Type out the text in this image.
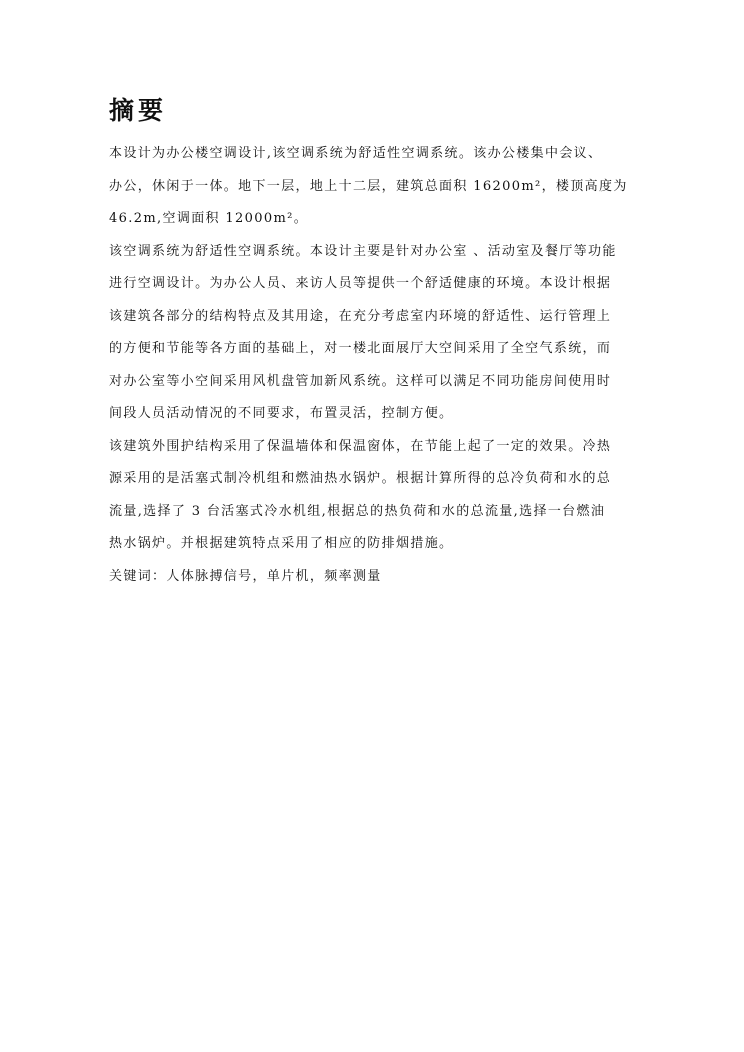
摘要

本设计为办公楼空调设计,该空调系统为舒适性空调系统。该办公楼集中会议、
办公，休闲于一体。地下一层，地上十二层，建筑总面积 16200m²，楼顶高度为
46.2m,空调面积 12000m²。

该空调系统为舒适性空调系统。本设计主要是针对办公室 、活动室及餐厅等功能
进行空调设计。为办公人员、来访人员等提供一个舒适健康的环境。本设计根据
该建筑各部分的结构特点及其用途，在充分考虑室内环境的舒适性、运行管理上
的方便和节能等各方面的基础上，对一楼北面展厅大空间采用了全空气系统，而
对办公室等小空间采用风机盘管加新风系统。这样可以满足不同功能房间使用时
间段人员活动情况的不同要求，布置灵活，控制方便。

该建筑外围护结构采用了保温墙体和保温窗体，在节能上起了一定的效果。冷热
源采用的是活塞式制冷机组和燃油热水锅炉。根据计算所得的总冷负荷和水的总
流量,选择了 3 台活塞式冷水机组,根据总的热负荷和水的总流量,选择一台燃油
热水锅炉。并根据建筑特点采用了相应的防排烟措施。

关键词：人体脉搏信号，单片机，频率测量
